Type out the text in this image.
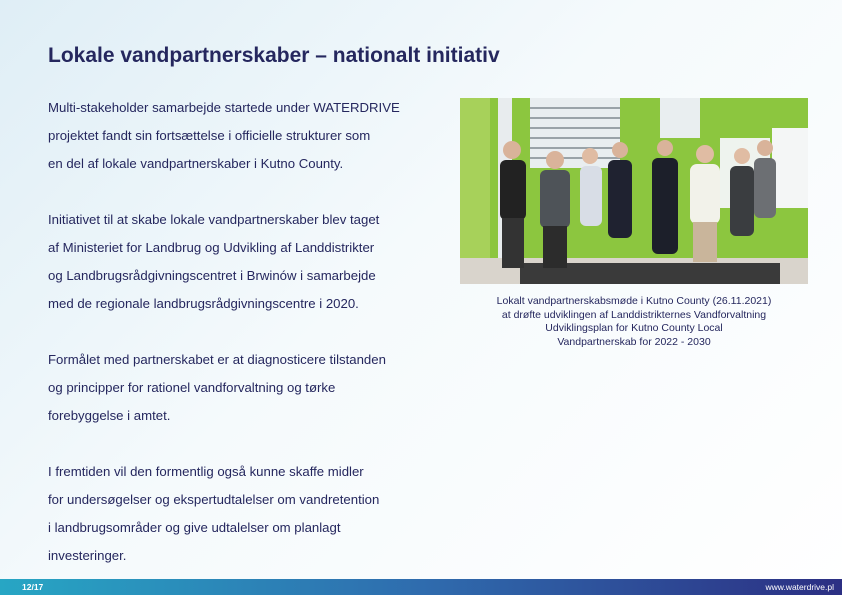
Lokale vandpartnerskaber – nationalt initiativ

Multi-stakeholder samarbejde startede under WATERDRIVE
projektet fandt sin fortsættelse i officielle strukturer som
en del af lokale vandpartnerskaber i Kutno County.

Initiativet til at skabe lokale vandpartnerskaber blev taget
af Ministeriet for Landbrug og Udvikling af Landdistrikter
og Landbrugsrådgivningscentret i Brwinów i samarbejde
med de regionale landbrugsrådgivningscentre i 2020.

Formålet med partnerskabet er at diagnosticere tilstanden
og principper for rationel vandforvaltning og tørke
forebyggelse i amtet.

I fremtiden vil den formentlig også kunne skaffe midler
for undersøgelser og ekspertudtalelser om vandretention
i landbrugsområder og give udtalelser om planlagt
investeringer.

Lokalt vandpartnerskabsmøde i Kutno County (26.11.2021)
at drøfte udviklingen af Landdistrikternes Vandforvaltning
Udviklingsplan for Kutno County Local
Vandpartnerskab for 2022 - 2030
12/17	www.waterdrive.pl
